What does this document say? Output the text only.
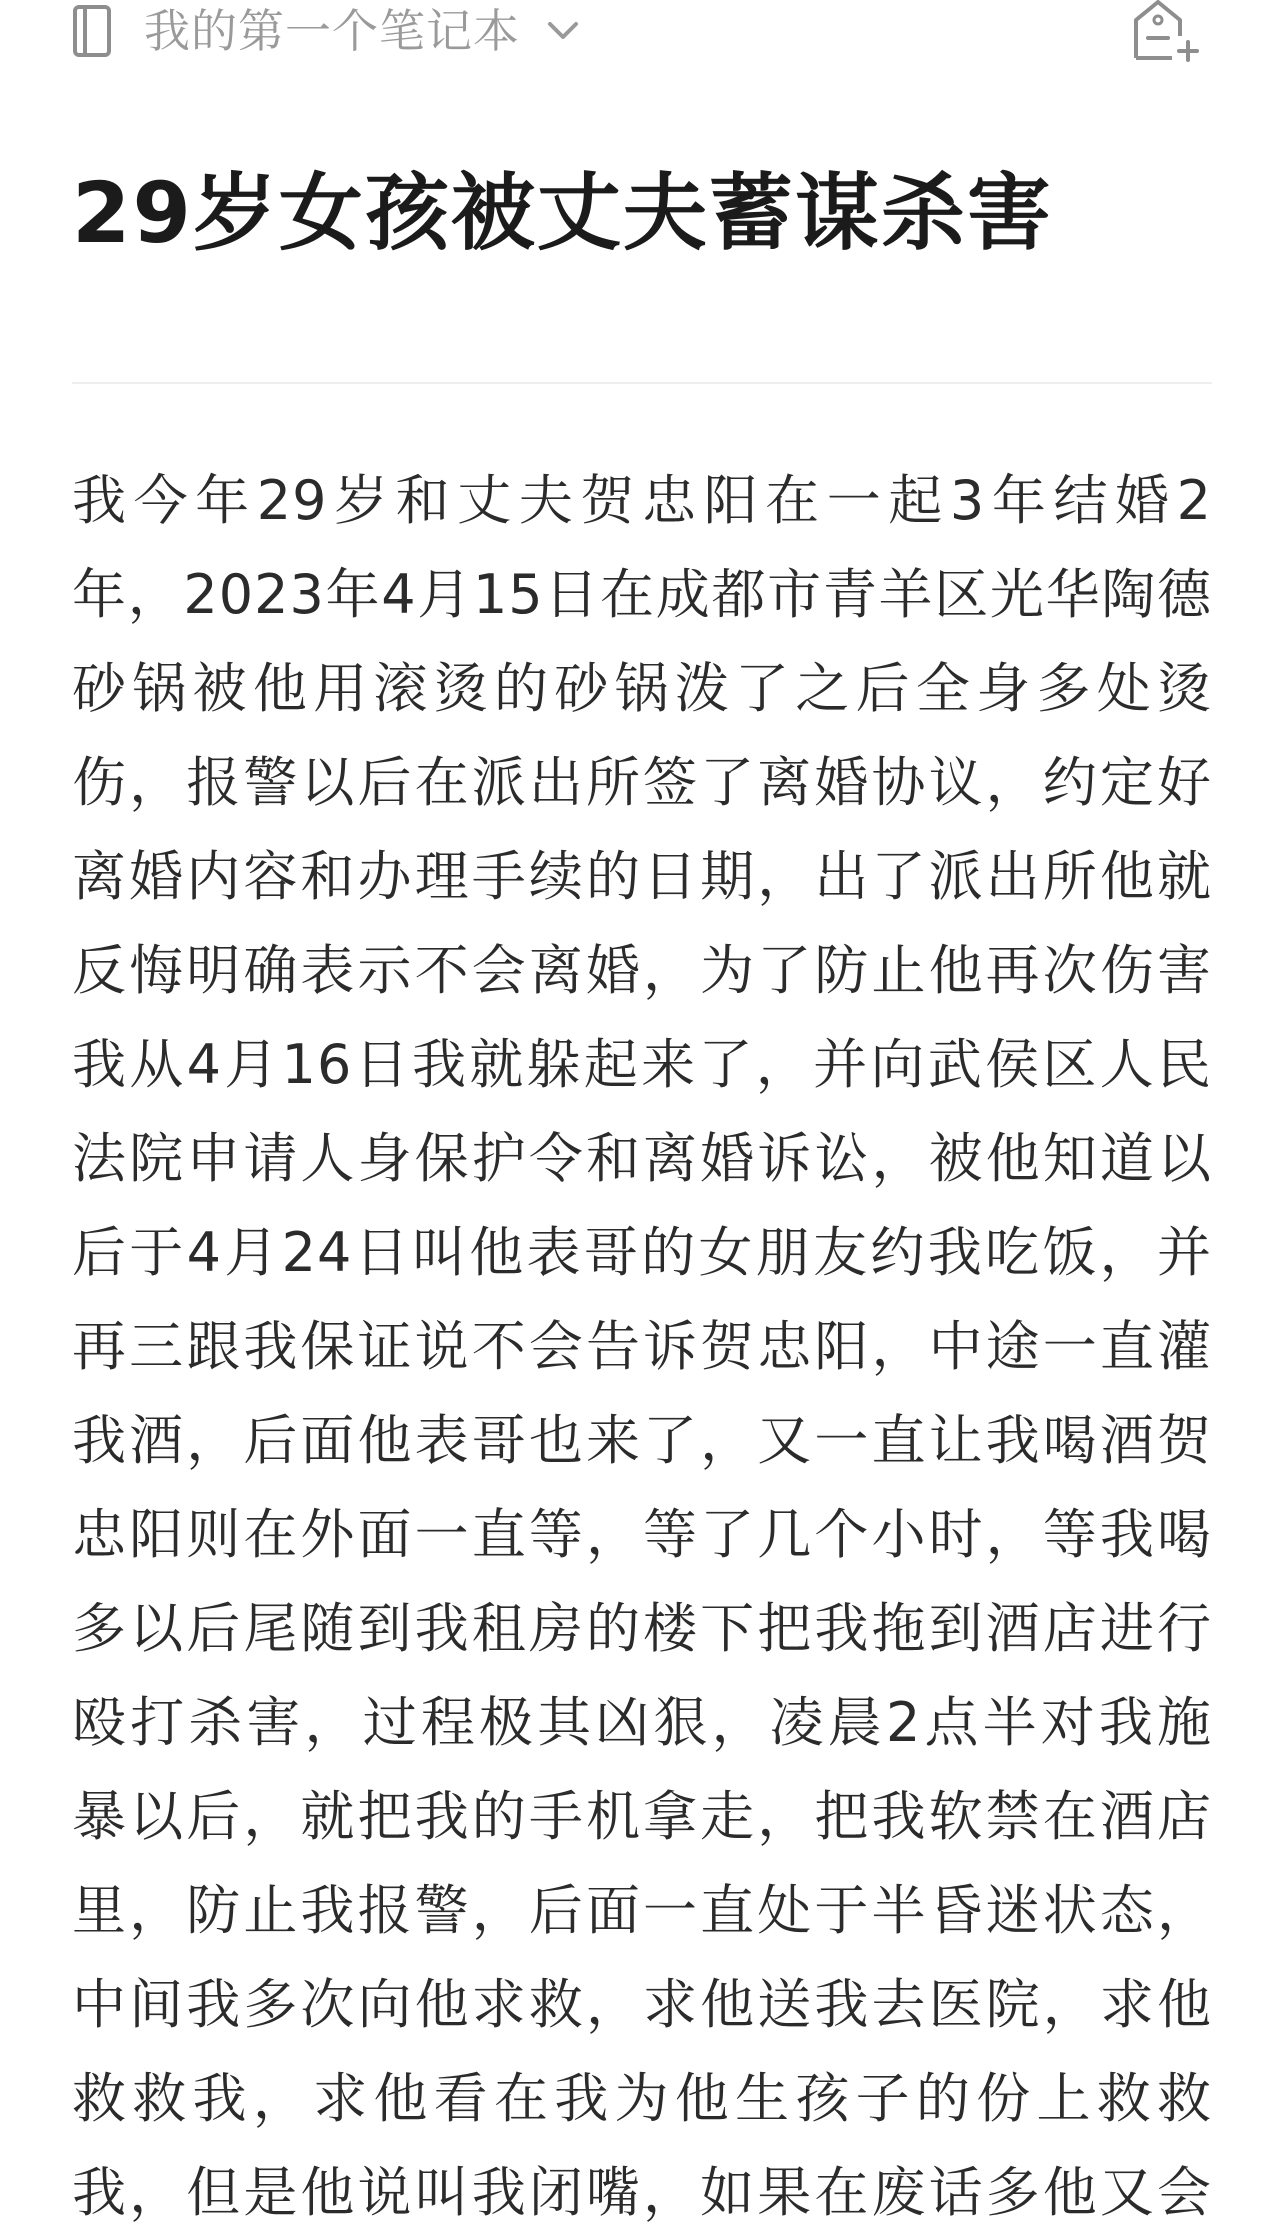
我的第一个笔记本
29岁女孩被丈夫蓄谋杀害
我今年29岁和丈夫贺忠阳在一起3年结婚2
年，2023年4月15日在成都市青羊区光华陶德
砂锅被他用滚烫的砂锅泼了之后全身多处烫
伤，报警以后在派出所签了离婚协议，约定好
离婚内容和办理手续的日期，出了派出所他就
反悔明确表示不会离婚，为了防止他再次伤害
我从4月16日我就躲起来了，并向武侯区人民
法院申请人身保护令和离婚诉讼，被他知道以
后于4月24日叫他表哥的女朋友约我吃饭，并
再三跟我保证说不会告诉贺忠阳，中途一直灌
我酒，后面他表哥也来了，又一直让我喝酒贺
忠阳则在外面一直等，等了几个小时，等我喝
多以后尾随到我租房的楼下把我拖到酒店进行
殴打杀害，过程极其凶狠，凌晨2点半对我施
暴以后，就把我的手机拿走，把我软禁在酒店
里，防止我报警，后面一直处于半昏迷状态，
中间我多次向他求救，求他送我去医院，求他
救救我，求他看在我为他生孩子的份上救救
我，但是他说叫我闭嘴，如果在废话多他又会
